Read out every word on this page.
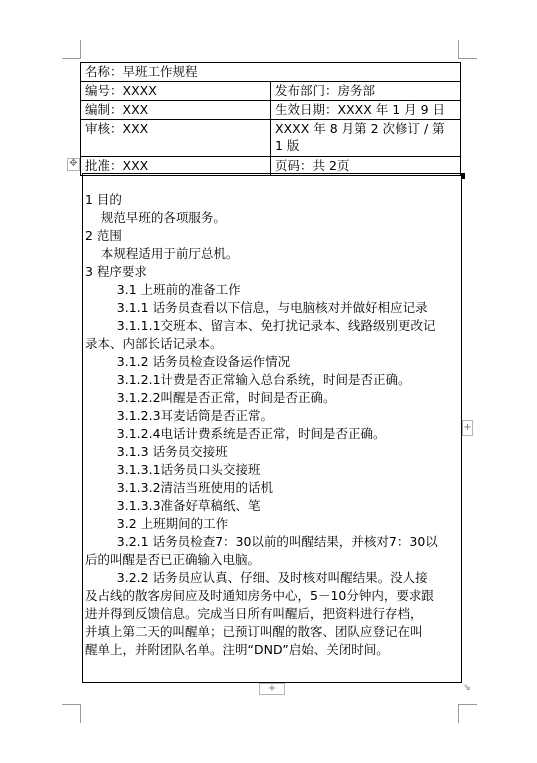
名称：早班工作规程	
编号：XXXX	发布部门：房务部
编制：XXX	生效日期：XXXX 年 1 月 9 日
审核：XXX	XXXX 年 8 月第 2 次修订 / 第
1 版

批准：XXX	页码：共 2页
✥
1 目的
规范早班的各项服务。
2 范围
本规程适用于前厅总机。
3 程序要求
3.1 上班前的准备工作
3.1.1 话务员查看以下信息，与电脑核对并做好相应记录
3.1.1.1交班本、留言本、免打扰记录本、线路级别更改记
录本、内部长话记录本。
3.1.2 话务员检查设备运作情况
3.1.2.1计费是否正常输入总台系统，时间是否正确。
3.1.2.2叫醒是否正常，时间是否正确。
3.1.2.3耳麦话筒是否正常。
3.1.2.4电话计费系统是否正常，时间是否正确。
3.1.3 话务员交接班
3.1.3.1话务员口头交接班
3.1.3.2清洁当班使用的话机
3.1.3.3准备好草稿纸、笔
3.2 上班期间的工作
3.2.1 话务员检查7：30以前的叫醒结果，并核对7：30以
后的叫醒是否已正确输入电脑。
3.2.2 话务员应认真、仔细、及时核对叫醒结果。没人接
及占线的散客房间应及时通知房务中心，5－10分钟内，要求跟
进并得到反馈信息。完成当日所有叫醒后，把资料进行存档，
并填上第二天的叫醒单；已预订叫醒的散客、团队应登记在叫
醒单上，并附团队名单。注明“DND”启始、关闭时间。
+
+	⇘
